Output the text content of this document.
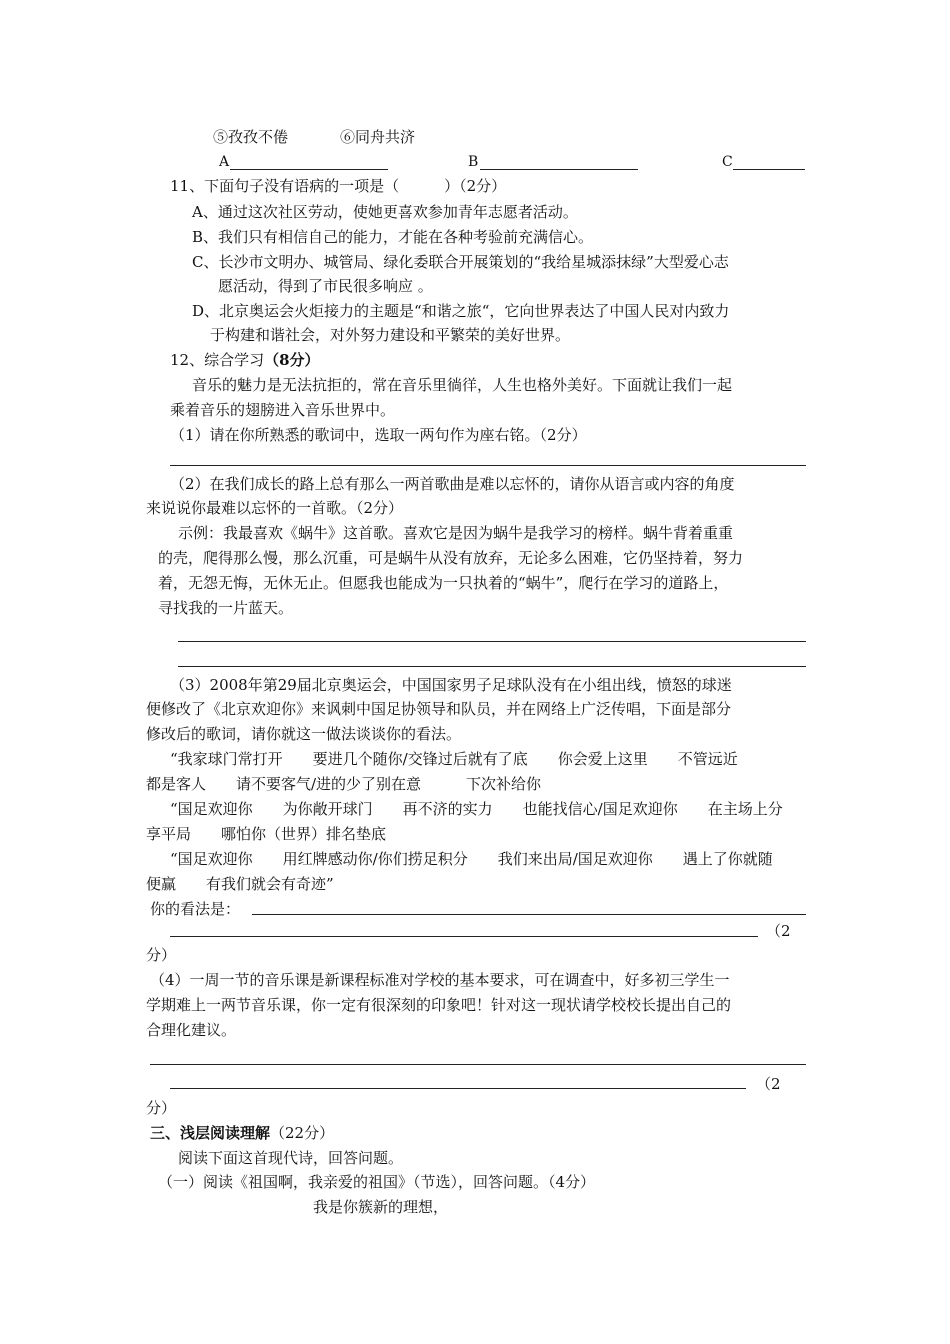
⑤孜孜不倦	⑥同舟共济
A	B	C
11、下面句子没有语病的一项是（　　　）（2分）
A、通过这次社区劳动，使她更喜欢参加青年志愿者活动。
B、我们只有相信自己的能力，才能在各种考验前充满信心。
C、长沙市文明办、城管局、绿化委联合开展策划的“我给星城添抹绿”大型爱心志
愿活动，得到了市民很多响应 。
D、北京奥运会火炬接力的主题是“和谐之旅“，它向世界表达了中国人民对内致力
于构建和谐社会，对外努力建设和平繁荣的美好世界。
12、综合学习（8分）
音乐的魅力是无法抗拒的，常在音乐里徜徉，人生也格外美好。下面就让我们一起
乘着音乐的翅膀进入音乐世界中。
（1）请在你所熟悉的歌词中，选取一两句作为座右铭。（2分）
（2）在我们成长的路上总有那么一两首歌曲是难以忘怀的，请你从语言或内容的角度
来说说你最难以忘怀的一首歌。（2分）
示例：我最喜欢《蜗牛》这首歌。喜欢它是因为蜗牛是我学习的榜样。蜗牛背着重重
的壳，爬得那么慢，那么沉重，可是蜗牛从没有放弃，无论多么困难，它仍坚持着，努力
着，无怨无悔，无休无止。但愿我也能成为一只执着的“蜗牛”，爬行在学习的道路上，
寻找我的一片蓝天。
（3）2008年第29届北京奥运会，中国国家男子足球队没有在小组出线，愤怒的球迷
便修改了《北京欢迎你》来讽刺中国足协领导和队员，并在网络上广泛传唱，下面是部分
修改后的歌词，请你就这一做法谈谈你的看法。
“我家球门常打开　　要进几个随你/交锋过后就有了底　　你会爱上这里　　不管远近
都是客人　　请不要客气/进的少了别在意　　　下次补给你
“国足欢迎你　　为你敞开球门　　再不济的实力　　也能找信心/国足欢迎你　　在主场上分
享平局　　哪怕你（世界）排名垫底
“国足欢迎你　　用红牌感动你/你们捞足积分　　我们来出局/国足欢迎你　　遇上了你就随
便赢　　有我们就会有奇迹”
你的看法是：
（2
分）
（4）一周一节的音乐课是新课程标准对学校的基本要求，可在调查中，好多初三学生一
学期难上一两节音乐课，你一定有很深刻的印象吧！针对这一现状请学校校长提出自己的
合理化建议。
（2
分）
三、浅层阅读理解（22分）
阅读下面这首现代诗，回答问题。
（一）阅读《祖国啊，我亲爱的祖国》（节选），回答问题。（4分）
我是你簇新的理想，
